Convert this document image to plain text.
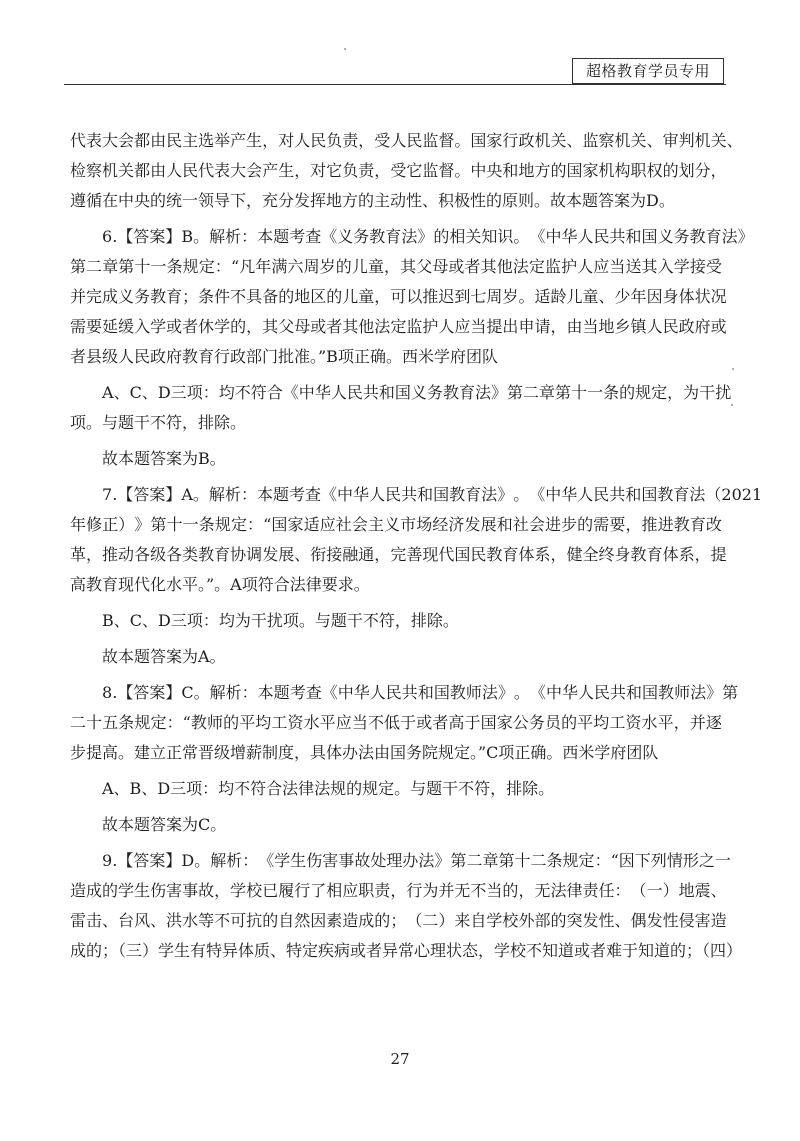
超格教育学员专用
代 表 大 会 都 由 民 主 选 举 产 生 ， 对 人 民 负 责 ， 受 人 民 监 督 。 国 家 行 政 机 关 、 监 察 机 关 、 审 判 机 关 、
检 察 机 关 都 由 人 民 代 表 大 会 产 生 ， 对 它 负 责 ， 受 它 监 督 。 中 央 和 地 方 的 国 家 机 构 职 权 的 划 分 ，
遵循在中央的统一领导下，充分发挥地方的主动性、积极性的原则。故本题答案为D。
6 . 【 答 案 】 B 。 解 析 ： 本 题 考 查 《 义 务 教 育 法 》 的 相 关 知 识 。 《 中 华 人 民 共 和 国 义 务 教 育 法 》
第 二 章 第 十 一 条 规 定 ： “ 凡 年 满 六 周 岁 的 儿 童 ， 其 父 母 或 者 其 他 法 定 监 护 人 应 当 送 其 入 学 接 受
并 完 成 义 务 教 育 ； 条 件 不 具 备 的 地 区 的 儿 童 ， 可 以 推 迟 到 七 周 岁 。 适 龄 儿 童 、 少 年 因 身 体 状 况
需 要 延 缓 入 学 或 者 休 学 的 ， 其 父 母 或 者 其 他 法 定 监 护 人 应 当 提 出 申 请 ， 由 当 地 乡 镇 人 民 政 府 或
者县级人民政府教育行政部门批准。”B项正确。西米学府团队
A 、 C 、 D 三 项 ： 均 不 符 合 《 中 华 人 民 共 和 国 义 务 教 育 法 》 第 二 章 第 十 一 条 的 规 定 ， 为 干 扰
项。与题干不符，排除。
故本题答案为B。
7 . 【 答 案 】 A 。 解 析 ： 本 题 考 查 《 中 华 人 民 共 和 国 教 育 法 》 。 《 中 华 人 民 共 和 国 教 育 法 （ 2 0 2 1
年 修 正 ） 》 第 十 一 条 规 定 ： “ 国 家 适 应 社 会 主 义 市 场 经 济 发 展 和 社 会 进 步 的 需 要 ， 推 进 教 育 改
革 ， 推 动 各 级 各 类 教 育 协 调 发 展 、 衔 接 融 通 ， 完 善 现 代 国 民 教 育 体 系 ， 健 全 终 身 教 育 体 系 ， 提
高教育现代化水平。”。A项符合法律要求。
B、C、D三项：均为干扰项。与题干不符，排除。
故本题答案为A。
8 . 【 答 案 】 C 。 解 析 ： 本 题 考 查 《 中 华 人 民 共 和 国 教 师 法 》 。 《 中 华 人 民 共 和 国 教 师 法 》 第
二 十 五 条 规 定 ： “ 教 师 的 平 均 工 资 水 平 应 当 不 低 于 或 者 高 于 国 家 公 务 员 的 平 均 工 资 水 平 ， 并 逐
步提高。建立正常晋级增薪制度，具体办法由国务院规定。”C项正确。西米学府团队
A、B、D三项：均不符合法律法规的规定。与题干不符，排除。
故本题答案为C。
9 . 【 答 案 】 D 。 解 析 ： 《 学 生 伤 害 事 故 处 理 办 法 》 第 二 章 第 十 二 条 规 定 ： “ 因 下 列 情 形 之 一
造 成 的 学 生 伤 害 事 故 ， 学 校 已 履 行 了 相 应 职 责 ， 行 为 并 无 不 当 的 ， 无 法 律 责 任 ： （ 一 ） 地 震 、
雷 击 、 台 风 、 洪 水 等 不 可 抗 的 自 然 因 素 造 成 的 ； （ 二 ） 来 自 学 校 外 部 的 突 发 性 、 偶 发 性 侵 害 造
成的；（三）学生有特异体质、特定疾病或者异常心理状态，学校不知道或者难于知道的；（四）
27
